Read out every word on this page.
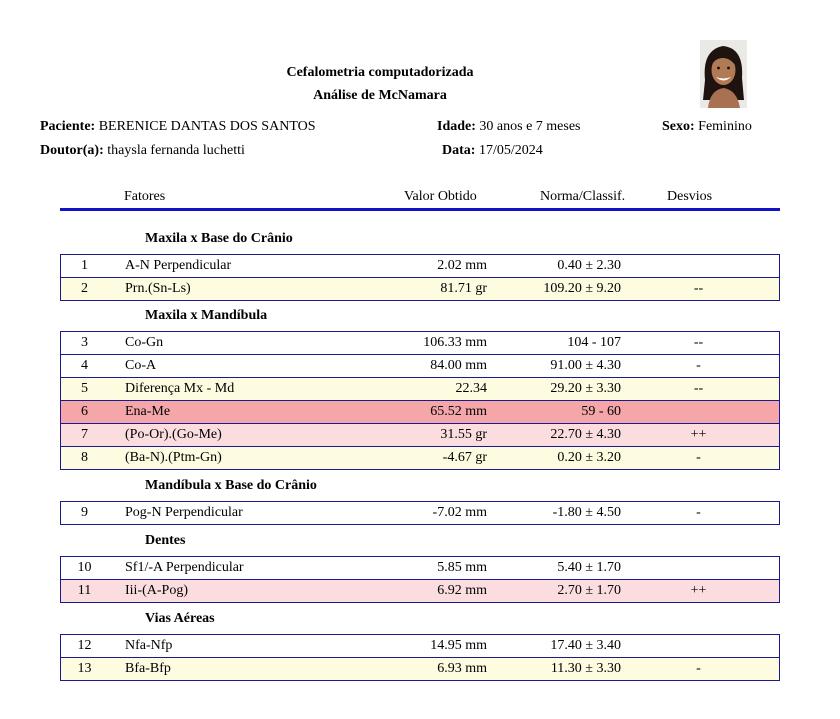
Cefalometria computadorizada
Análise de McNamara
Paciente: BERENICE DANTAS DOS SANTOS	Idade: 30 anos e 7 meses	Sexo: Feminino
Doutor(a): thaysla fernanda luchetti	Data: 17/05/2024
Fatores	Valor Obtido	Norma/Classif.	Desvios
Maxila x Base do Crânio
1	A-N Perpendicular	2.02 mm	0.40 ± 2.30
2	Prn.(Sn-Ls)	81.71 gr	109.20 ± 9.20	--
Maxila x Mandíbula
3	Co-Gn	106.33 mm	104 - 107	--
4	Co-A	84.00 mm	91.00 ± 4.30	-
5	Diferença Mx - Md	22.34	29.20 ± 3.30	--
6	Ena-Me	65.52 mm	59 - 60
7	(Po-Or).(Go-Me)	31.55 gr	22.70 ± 4.30	++
8	(Ba-N).(Ptm-Gn)	-4.67 gr	0.20 ± 3.20	-
Mandíbula x Base do Crânio
9	Pog-N Perpendicular	-7.02 mm	-1.80 ± 4.50	-
Dentes
10	Sf1/-A Perpendicular	5.85 mm	5.40 ± 1.70
11	Iii-(A-Pog)	6.92 mm	2.70 ± 1.70	++
Vias Aéreas
12	Nfa-Nfp	14.95 mm	17.40 ± 3.40
13	Bfa-Bfp	6.93 mm	11.30 ± 3.30	-
